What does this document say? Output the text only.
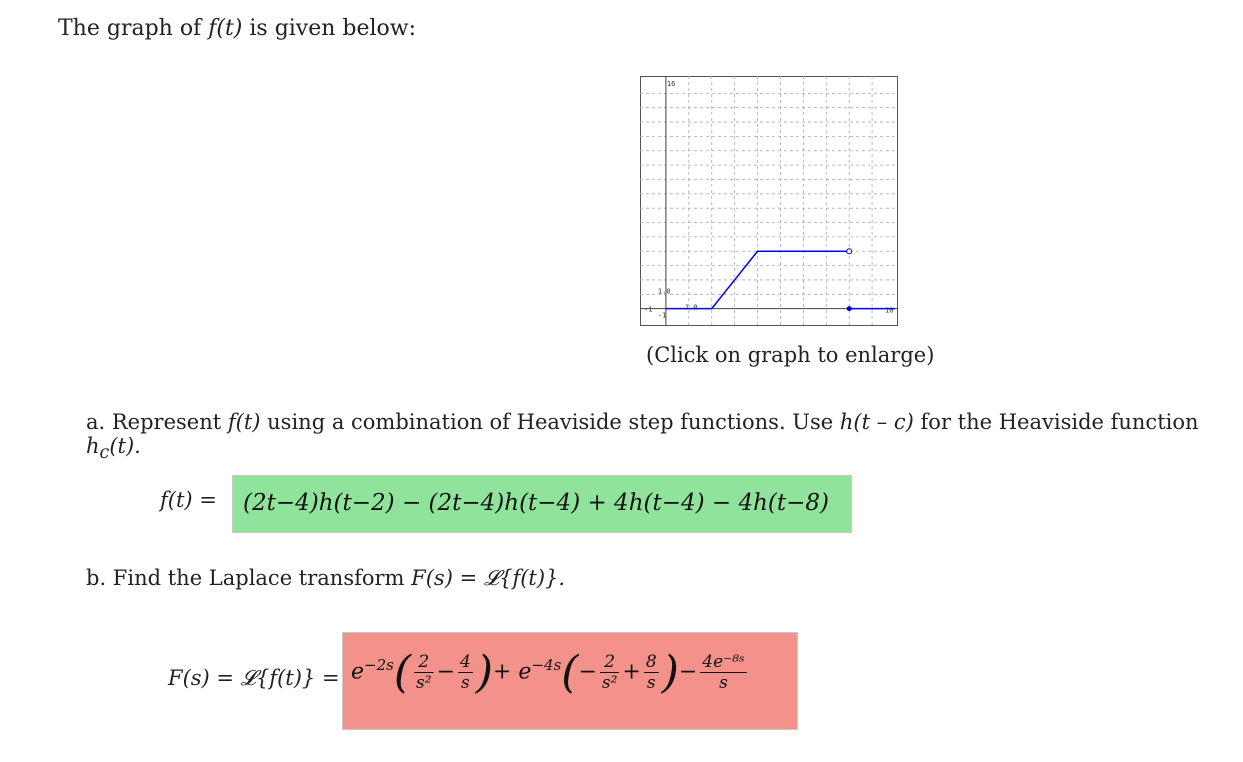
The graph of f(t) is given below:
16
1.0
1.0
-1
-1
10
(Click on graph to enlarge)
a. Represent f(t) using a combination of Heaviside step functions. Use h(t – c) for the Heaviside function $h_c(t)$.
f(t) = (2t−4)h(t−2) − (2t−4)h(t−4) + 4h(t−4) − 4h(t−8)
b. Find the Laplace transform F(s) = 𝓛{f(t)}.
F(s) = 𝓛{f(t)} = $e^{-2s}( \frac{2}{\text{s²}} - \frac{4}{s}$ )+ $e^{-4s}(- \frac{2}{\text{s²}} + \frac{8}{s}$ )− $\frac{\text{4e⁻⁸ˢ}}{s}$
